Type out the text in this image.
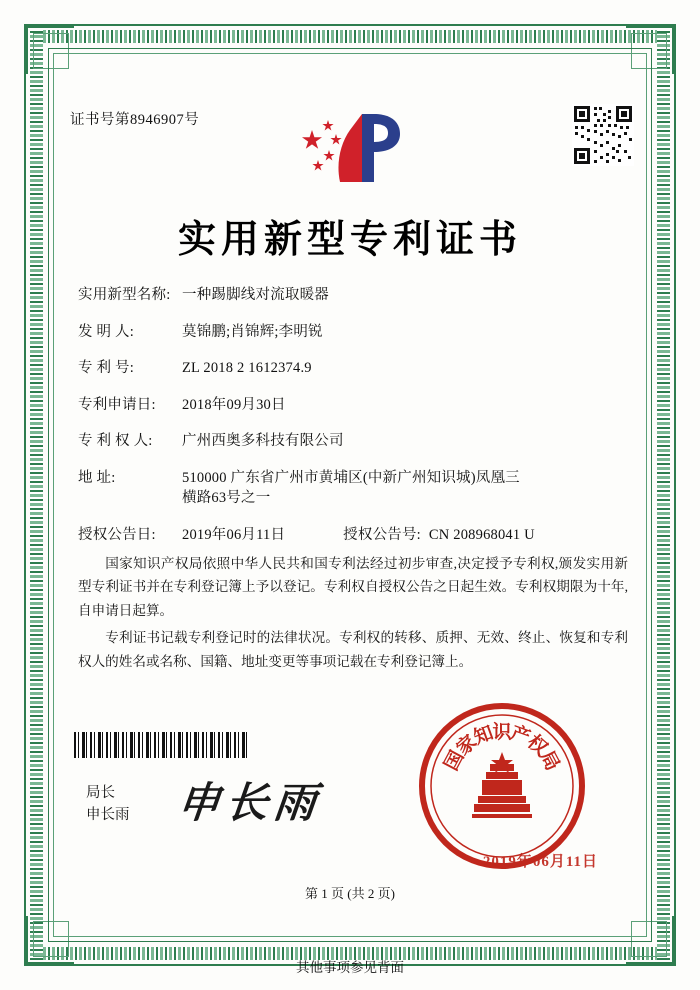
证书号第8946907号
实用新型专利证书
实用新型名称: 一种踢脚线对流取暖器
发 明 人:	莫锦鹏;肖锦辉;李明锐
专 利 号:	ZL 2018 2 1612374.9
专利申请日:	2018年09月30日
专 利 权 人:	广州西奥多科技有限公司
地 址:	510000 广东省广州市黄埔区(中新广州知识城)凤凰三
横路63号之一
授权公告日:	2019年06月11日	授权公告号: CN 208968041 U

国家知识产权局依照中华人民共和国专利法经过初步审查,决定授予专利权,颁发实用新型专利证书并在专利登记簿上予以登记。专利权自授权公告之日起生效。专利权期限为十年,自申请日起算。

专利证书记载专利登记时的法律状况。专利权的转移、质押、无效、终止、恢复和专利权人的姓名或名称、国籍、地址变更等事项记载在专利登记簿上。

局长
申长雨 申长雨
国
家
知
识
产
权
局
2019年06月11日
第 1 页 (共 2 页)
其他事项参见背面
